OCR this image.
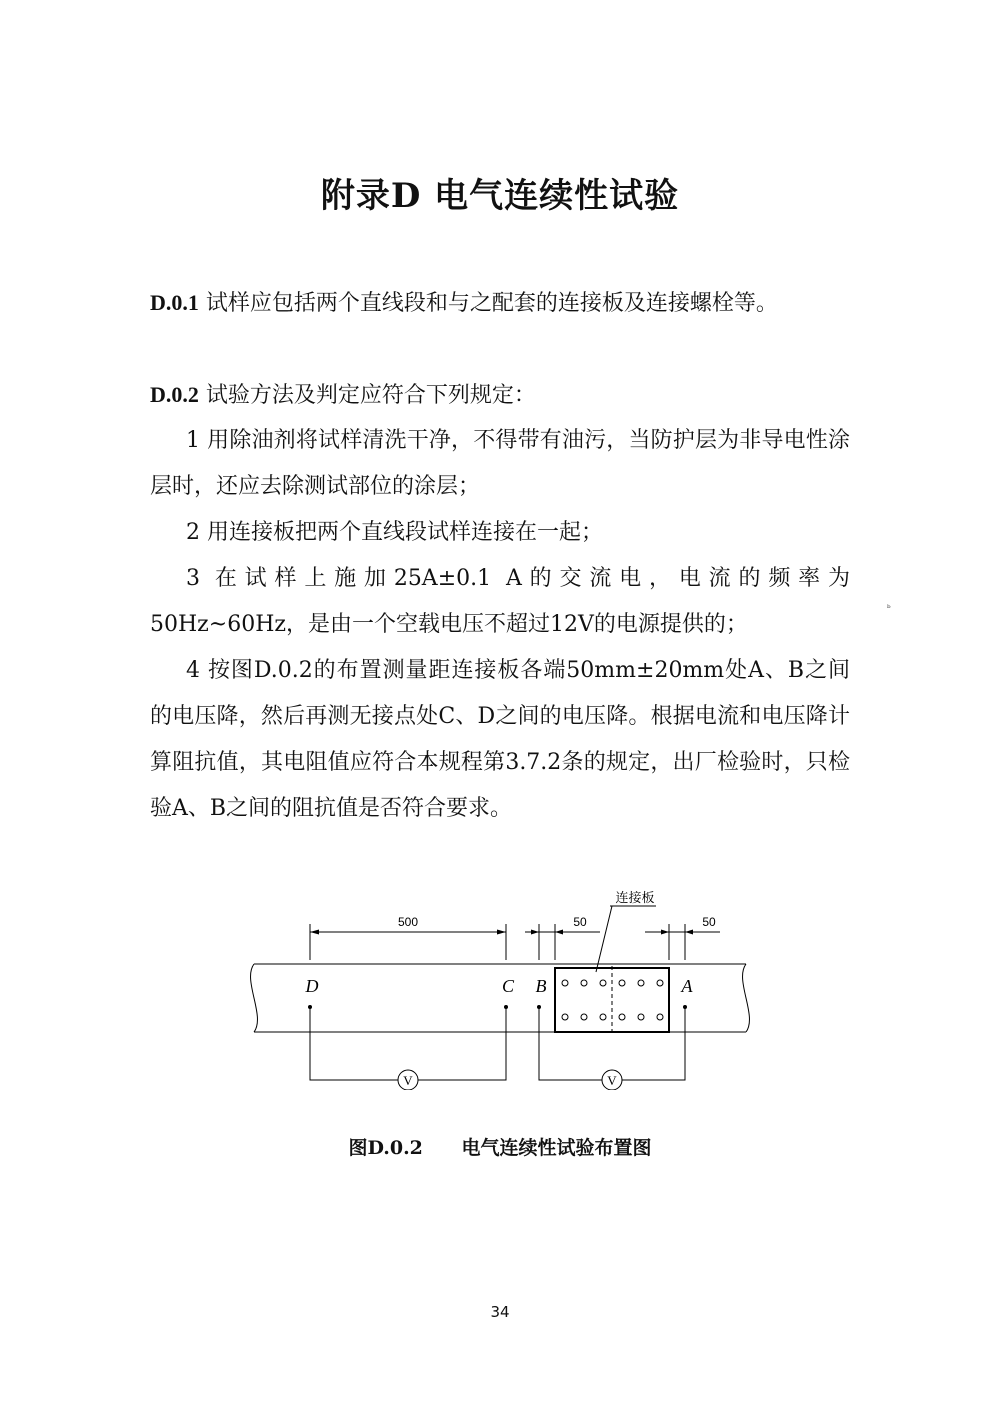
附录D 电气连续性试验
D.0.1 试样应包括两个直线段和与之配套的连接板及连接螺栓等。
D.0.2 试验方法及判定应符合下列规定：
1 用除油剂将试样清洗干净，不得带有油污，当防护层为非导电性涂层时，还应去除测试部位的涂层；
2 用连接板把两个直线段试样连接在一起；
3 在试样上施加25A±0.1 A的交流电，电流的频率为50Hz~60Hz，是由一个空载电压不超过12V的电源提供的；
4 按图D.0.2的布置测量距连接板各端50mm±20mm处A、B之间的电压降，然后再测无接点处C、D之间的电压降。根据电流和电压降计算阻抗值，其电阻值应符合本规程第3.7.2条的规定，出厂检验时，只检验A、B之间的阻抗值是否符合要求。
ᵇ
连接板
500	50	50
D	C B	A
V	V
图D.0.2 电气连续性试验布置图
34
